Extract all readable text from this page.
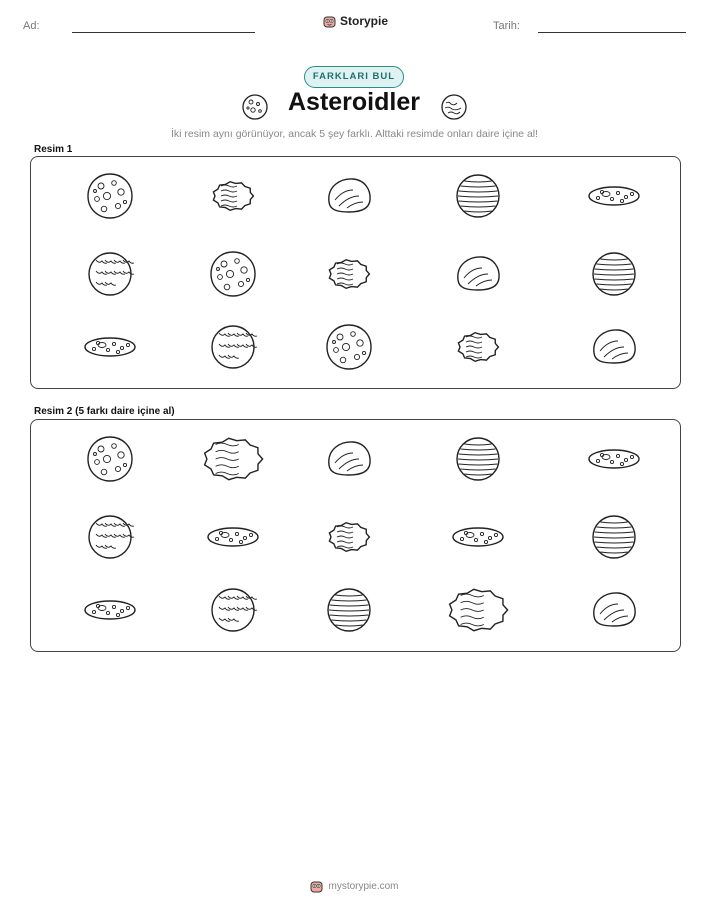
Ad:	Storypie	Tarih:
FARKLARI BUL
Asteroidler
İki resim aynı görünüyor, ancak 5 şey farklı. Alttaki resimde onları daire içine al!
Resim 1
Resim 2 (5 farkı daire içine al)
mystorypie.com
